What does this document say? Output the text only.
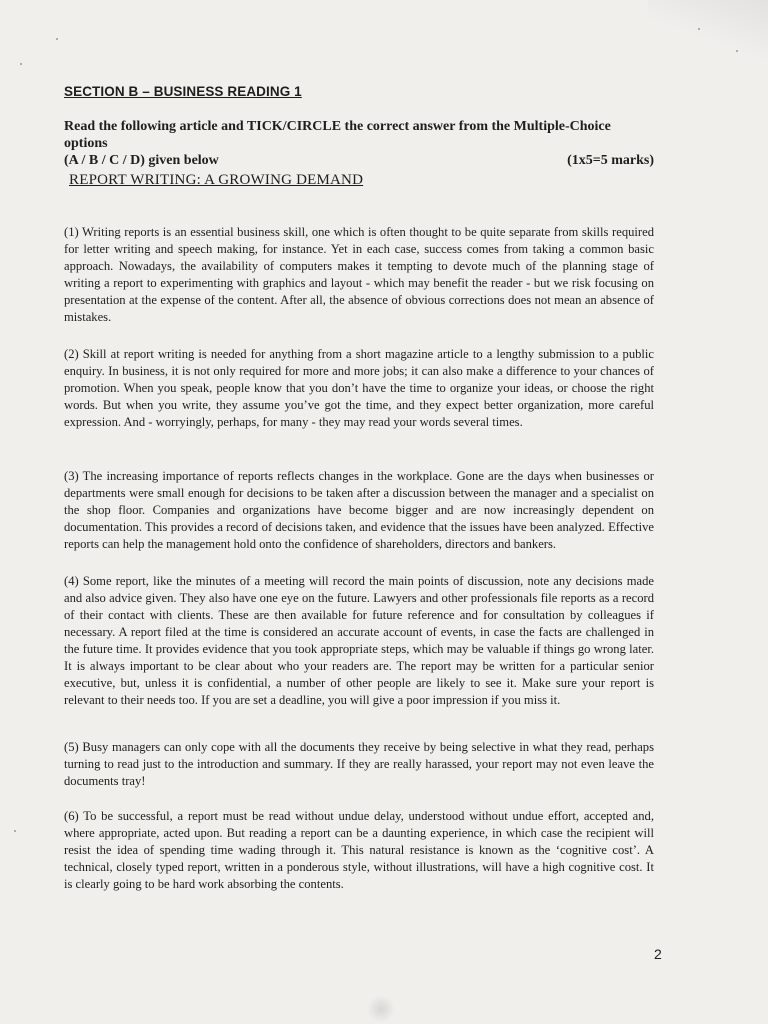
SECTION B – BUSINESS READING 1
Read the following article and TICK/CIRCLE the correct answer from the Multiple-Choice options
(A / B / C / D) given below	(1x5=5 marks)
REPORT WRITING: A GROWING DEMAND

(1) Writing reports is an essential business skill, one which is often thought to be quite separate from skills required for letter writing and speech making, for instance. Yet in each case, success comes from taking a common basic approach. Nowadays, the availability of computers makes it tempting to devote much of the planning stage of writing a report to experimenting with graphics and layout - which may benefit the reader - but we risk focusing on presentation at the expense of the content. After all, the absence of obvious corrections does not mean an absence of mistakes.

(2) Skill at report writing is needed for anything from a short magazine article to a lengthy submission to a public enquiry. In business, it is not only required for more and more jobs; it can also make a difference to your chances of promotion. When you speak, people know that you don’t have the time to organize your ideas, or choose the right words. But when you write, they assume you’ve got the time, and they expect better organization, more careful expression. And - worryingly, perhaps, for many - they may read your words several times.

(3) The increasing importance of reports reflects changes in the workplace. Gone are the days when businesses or departments were small enough for decisions to be taken after a discussion between the manager and a specialist on the shop floor. Companies and organizations have become bigger and are now increasingly dependent on documentation. This provides a record of decisions taken, and evidence that the issues have been analyzed. Effective reports can help the management hold onto the confidence of shareholders, directors and bankers.

(4) Some report, like the minutes of a meeting will record the main points of discussion, note any decisions made and also advice given. They also have one eye on the future. Lawyers and other professionals file reports as a record of their contact with clients. These are then available for future reference and for consultation by colleagues if necessary. A report filed at the time is considered an accurate account of events, in case the facts are challenged in the future time. It provides evidence that you took appropriate steps, which may be valuable if things go wrong later. It is always important to be clear about who your readers are. The report may be written for a particular senior executive, but, unless it is confidential, a number of other people are likely to see it. Make sure your report is relevant to their needs too. If you are set a deadline, you will give a poor impression if you miss it.

(5) Busy managers can only cope with all the documents they receive by being selective in what they read, perhaps turning to read just to the introduction and summary. If they are really harassed, your report may not even leave the documents tray!

(6) To be successful, a report must be read without undue delay, understood without undue effort, accepted and, where appropriate, acted upon. But reading a report can be a daunting experience, in which case the recipient will resist the idea of spending time wading through it. This natural resistance is known as the ‘cognitive cost’. A technical, closely typed report, written in a ponderous style, without illustrations, will have a high cognitive cost. It is clearly going to be hard work absorbing the contents.

2
